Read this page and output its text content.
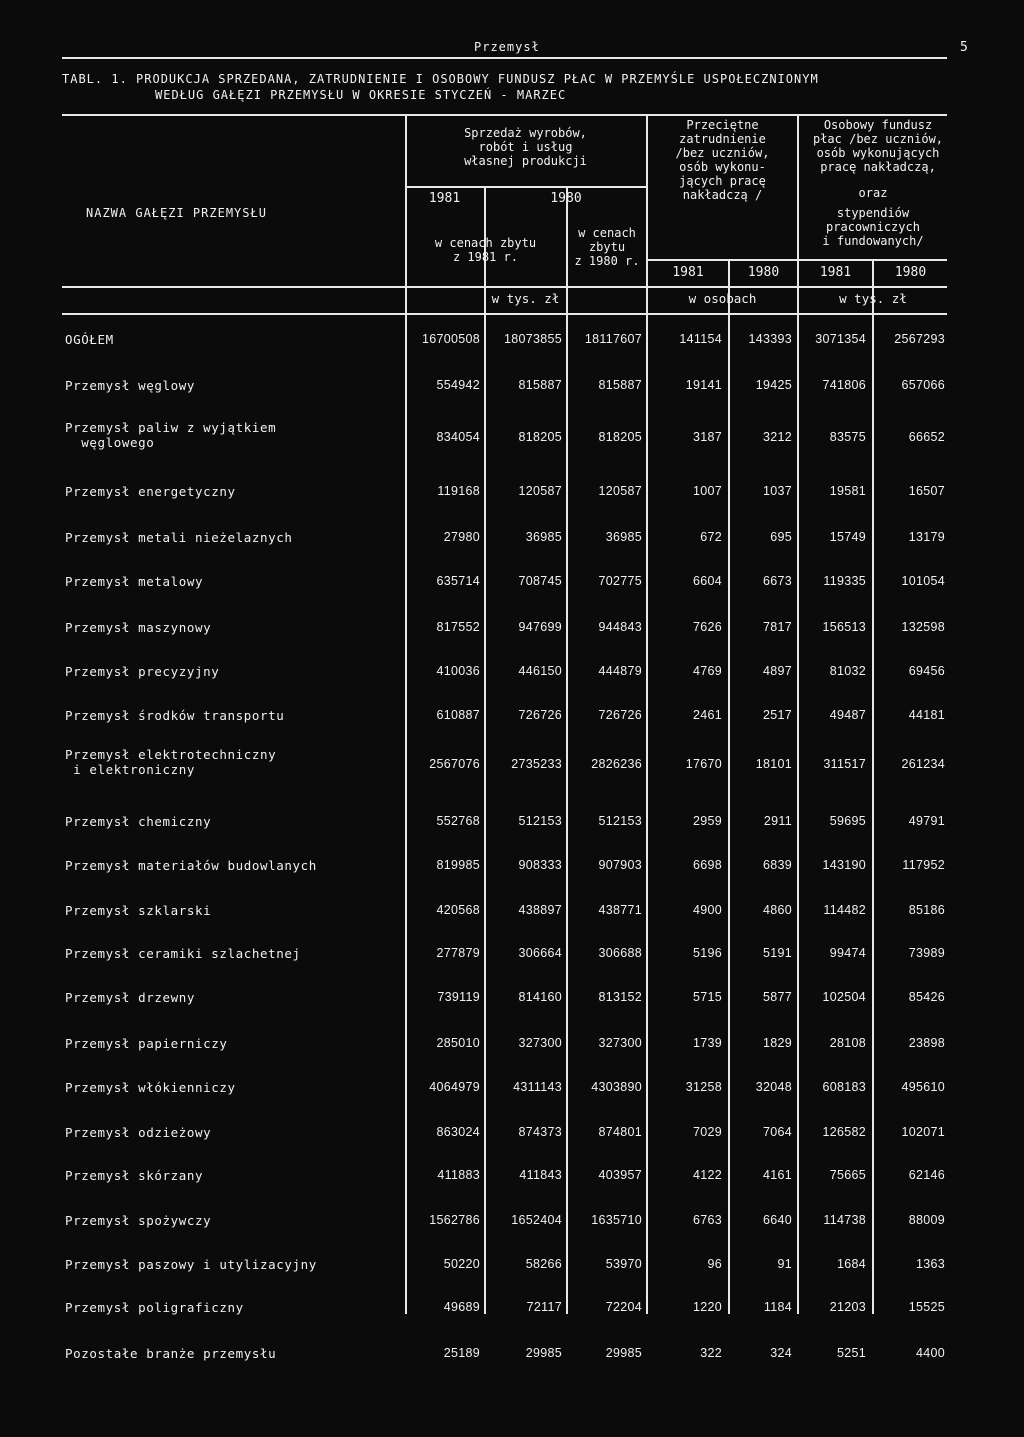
Przemysł	5
TABL. 1. PRODUKCJA SPRZEDANA, ZATRUDNIENIE I OSOBOWY FUNDUSZ PŁAC W PRZEMYŚLE USPOŁECZNIONYM
WEDŁUG GAŁĘZI PRZEMYSŁU W OKRESIE STYCZEŃ - MARZEC
NAZWA GAŁĘZI PRZEMYSŁU
Sprzedaż wyrobów,
robót i usług
własnej produkcji
1981	1980
w cenach zbytu
z 1981 r.
w cenach
zbytu
z 1980 r.
Przeciętne
zatrudnienie
/bez uczniów,
osób wykonu-
jących pracę
nakładczą /
1981	1980
Osobowy fundusz
płac /bez uczniów,
osób wykonujących
pracę nakładczą,
oraz
stypendiów
pracowniczych
i fundowanych/
1981	1980
w tys. zł	w osobach	w tys. zł
OGÓŁEM	16700508	18073855	18117607	141154	143393	3071354	2567293
Przemysł węglowy	554942	815887	815887	19141	19425	741806	657066
Przemysł paliw z wyjątkiem
węglowego	834054	818205	818205	3187	3212	83575	66652
Przemysł energetyczny	119168	120587	120587	1007	1037	19581	16507
Przemysł metali nieżelaznych	27980	36985	36985	672	695	15749	13179
Przemysł metalowy	635714	708745	702775	6604	6673	119335	101054
Przemysł maszynowy	817552	947699	944843	7626	7817	156513	132598
Przemysł precyzyjny	410036	446150	444879	4769	4897	81032	69456
Przemysł środków transportu	610887	726726	726726	2461	2517	49487	44181
Przemysł elektrotechniczny
i elektroniczny	2567076	2735233	2826236	17670	18101	311517	261234
Przemysł chemiczny	552768	512153	512153	2959	2911	59695	49791
Przemysł materiałów budowlanych	819985	908333	907903	6698	6839	143190	117952
Przemysł szklarski	420568	438897	438771	4900	4860	114482	85186
Przemysł ceramiki szlachetnej	277879	306664	306688	5196	5191	99474	73989
Przemysł drzewny	739119	814160	813152	5715	5877	102504	85426
Przemysł papierniczy	285010	327300	327300	1739	1829	28108	23898
Przemysł włókienniczy	4064979	4311143	4303890	31258	32048	608183	495610
Przemysł odzieżowy	863024	874373	874801	7029	7064	126582	102071
Przemysł skórzany	411883	411843	403957	4122	4161	75665	62146
Przemysł spożywczy	1562786	1652404	1635710	6763	6640	114738	88009
Przemysł paszowy i utylizacyjny	50220	58266	53970	96	91	1684	1363
Przemysł poligraficzny	49689	72117	72204	1220	1184	21203	15525
Pozostałe branże przemysłu	25189	29985	29985	322	324	5251	4400
